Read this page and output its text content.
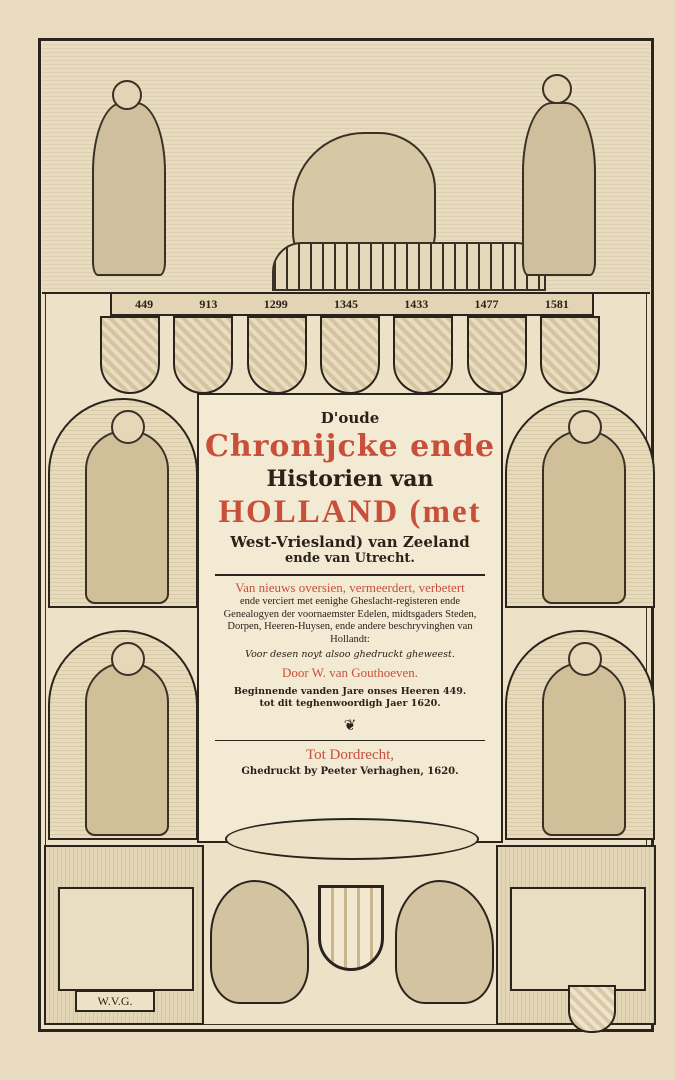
449	913	1299	1345	1433	1477	1581

D'oude

Chronijcke ende

Historien van

HOLLAND (met

West-Vriesland) van Zeeland

ende van Utrecht.

Van nieuws oversien, vermeerdert, verbetert

ende verciert met eenighe Gheslacht-registeren ende Genealogyen der voornaemster Edelen, midtsgaders Steden, Dorpen, Heeren-Huysen, ende andere beschryvinghen van Hollandt:

Voor desen noyt alsoo ghedruckt gheweest.

Door W. van Gouthoeven.

Beginnende vanden Jare onses Heeren 449.
tot dit teghenwoordigh Jaer 1620.

❦

Tot Dordrecht,

Ghedruckt by Peeter Verhaghen, 1620.

W.V.G.
